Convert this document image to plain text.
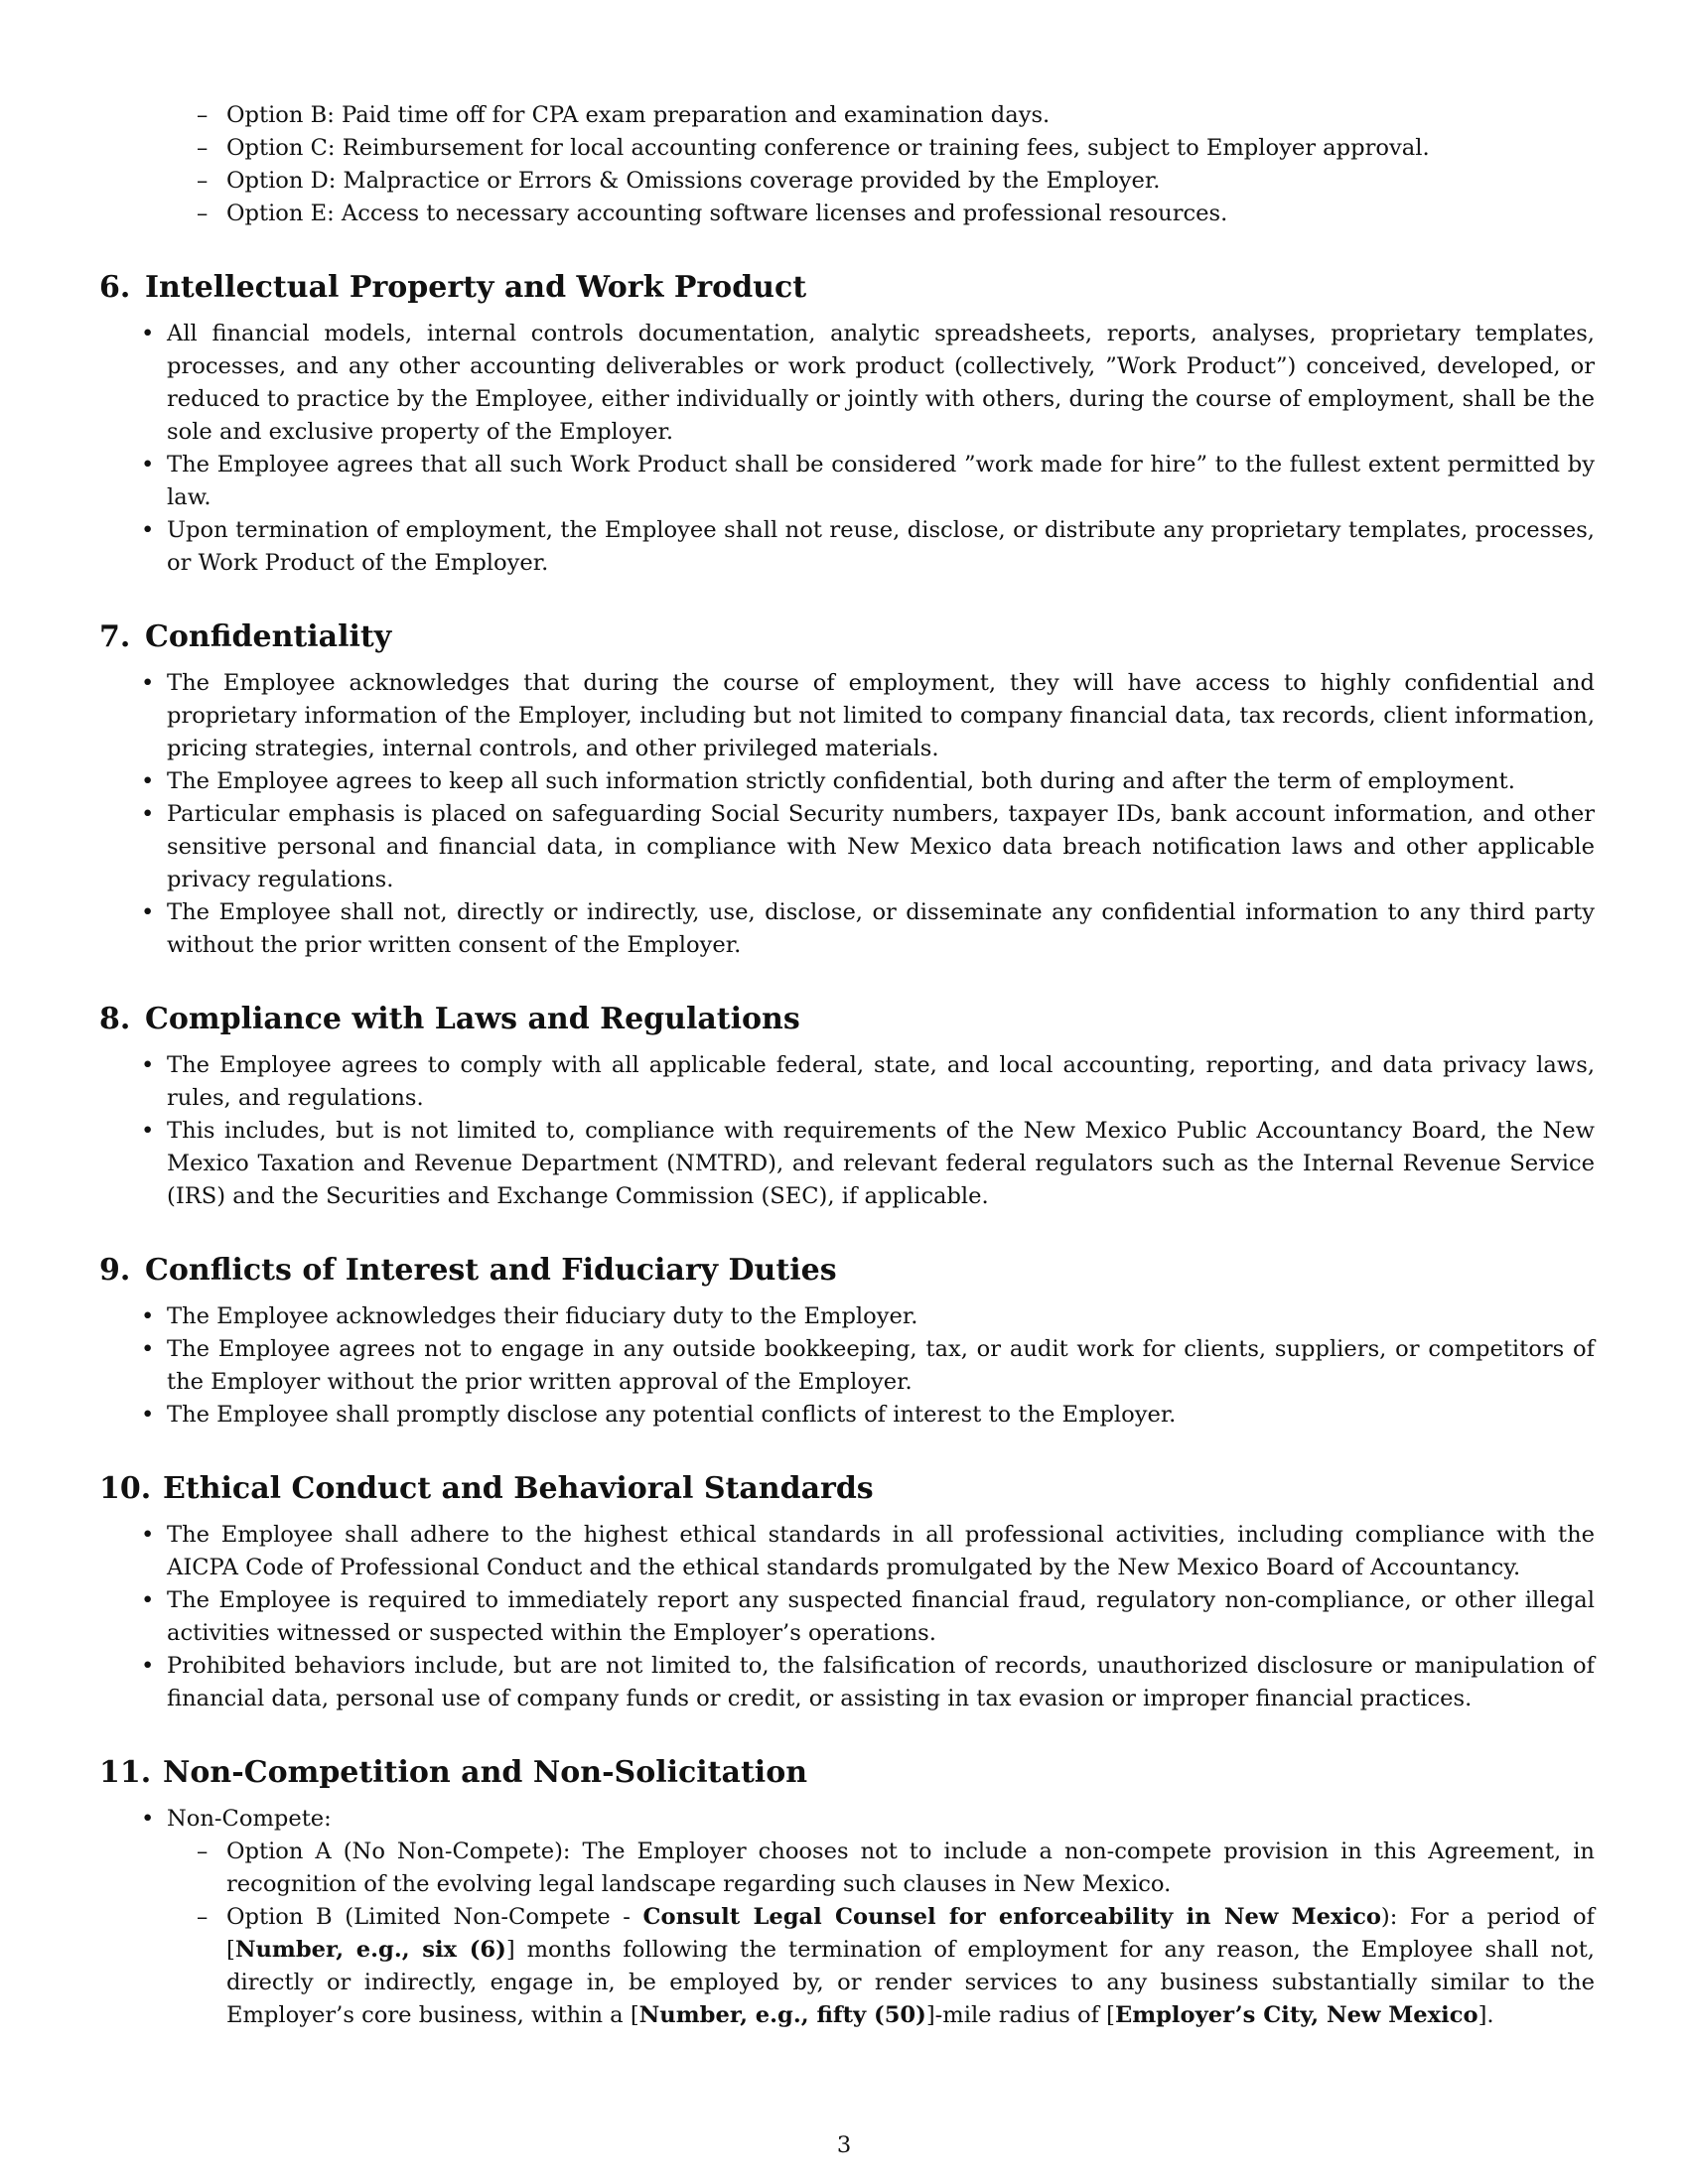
– Option B: Paid time off for CPA exam preparation and examination days.
– Option C: Reimbursement for local accounting conference or training fees, subject to Employer approval.
– Option D: Malpractice or Errors & Omissions coverage provided by the Employer.
– Option E: Access to necessary accounting software licenses and professional resources.
6. Intellectual Property and Work Product
• All financial models, internal controls documentation, analytic spreadsheets, reports, analyses, proprietary templates, processes, and any other accounting deliverables or work product (collectively, ”Work Product”) conceived, developed, or reduced to practice by the Employee, either individually or jointly with others, during the course of employment, shall be the sole and exclusive property of the Employer.
• The Employee agrees that all such Work Product shall be considered ”work made for hire” to the fullest extent permitted by law.
• Upon termination of employment, the Employee shall not reuse, disclose, or distribute any proprietary templates, processes, or Work Product of the Employer.
7. Confidentiality
• The Employee acknowledges that during the course of employment, they will have access to highly confidential and proprietary information of the Employer, including but not limited to company financial data, tax records, client information, pricing strategies, internal controls, and other privileged materials.
• The Employee agrees to keep all such information strictly confidential, both during and after the term of employment.
• Particular emphasis is placed on safeguarding Social Security numbers, taxpayer IDs, bank account information, and other sensitive personal and financial data, in compliance with New Mexico data breach notification laws and other applicable privacy regulations.
• The Employee shall not, directly or indirectly, use, disclose, or disseminate any confidential information to any third party without the prior written consent of the Employer.
8. Compliance with Laws and Regulations
• The Employee agrees to comply with all applicable federal, state, and local accounting, reporting, and data privacy laws, rules, and regulations.
• This includes, but is not limited to, compliance with requirements of the New Mexico Public Accountancy Board, the New Mexico Taxation and Revenue Department (NMTRD), and relevant federal regulators such as the Internal Revenue Service (IRS) and the Securities and Exchange Commission (SEC), if applicable.
9. Conflicts of Interest and Fiduciary Duties
• The Employee acknowledges their fiduciary duty to the Employer.
• The Employee agrees not to engage in any outside bookkeeping, tax, or audit work for clients, suppliers, or competitors of the Employer without the prior written approval of the Employer.
• The Employee shall promptly disclose any potential conflicts of interest to the Employer.
10. Ethical Conduct and Behavioral Standards
• The Employee shall adhere to the highest ethical standards in all professional activities, including compliance with the AICPA Code of Professional Conduct and the ethical standards promulgated by the New Mexico Board of Accountancy.
• The Employee is required to immediately report any suspected financial fraud, regulatory non-compliance, or other illegal activities witnessed or suspected within the Employer’s operations.
• Prohibited behaviors include, but are not limited to, the falsification of records, unauthorized disclosure or manipulation of financial data, personal use of company funds or credit, or assisting in tax evasion or improper financial practices.
11. Non-Competition and Non-Solicitation
• Non-Compete:
– Option A (No Non-Compete): The Employer chooses not to include a non-compete provision in this Agreement, in recognition of the evolving legal landscape regarding such clauses in New Mexico.
– Option B (Limited Non-Compete - Consult Legal Counsel for enforceability in New Mexico): For a period of [Number, e.g., six (6)] months following the termination of employment for any reason, the Employee shall not, directly or indirectly, engage in, be employed by, or render services to any business substantially similar to the Employer’s core business, within a [Number, e.g., fifty (50)]-mile radius of [Employer’s City, New Mexico].
3
